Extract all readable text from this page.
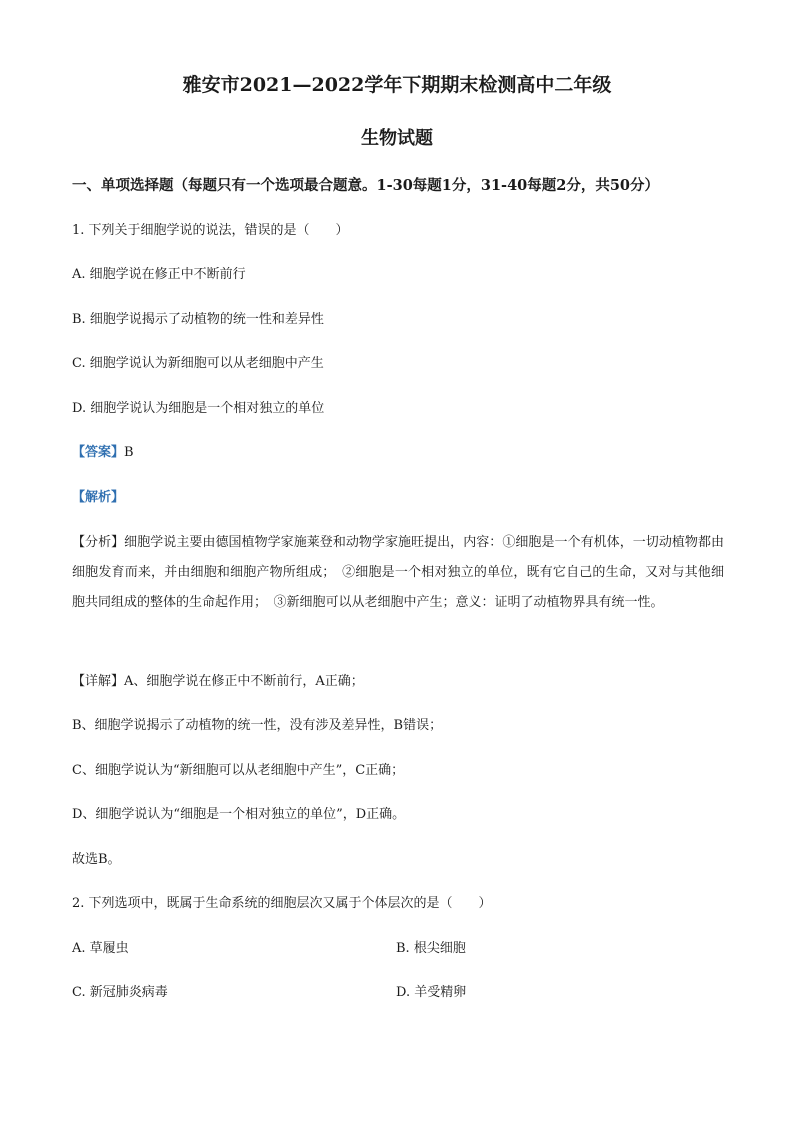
雅安市2021—2022学年下期期末检测高中二年级
生物试题
一、单项选择题（每题只有一个选项最合题意。1-30每题1分，31-40每题2分，共50分）
1. 下列关于细胞学说的说法，错误的是（　　）
A. 细胞学说在修正中不断前行
B. 细胞学说揭示了动植物的统一性和差异性
C. 细胞学说认为新细胞可以从老细胞中产生
D. 细胞学说认为细胞是一个相对独立的单位
【答案】B
【解析】
【分析】细胞学说主要由德国植物学家施莱登和动物学家施旺提出，内容：①细胞是一个有机体，一切动植物都由细胞发育而来，并由细胞和细胞产物所组成；　②细胞是一个相对独立的单位，既有它自己的生命，又对与其他细胞共同组成的整体的生命起作用；　③新细胞可以从老细胞中产生；意义：证明了动植物界具有统一性。
【详解】A、细胞学说在修正中不断前行，A正确；
B、细胞学说揭示了动植物的统一性，没有涉及差异性，B错误；
C、细胞学说认为“新细胞可以从老细胞中产生”，C正确；
D、细胞学说认为“细胞是一个相对独立的单位”，D正确。
故选B。
2. 下列选项中，既属于生命系统的细胞层次又属于个体层次的是（　　）
A. 草履虫	B. 根尖细胞
C. 新冠肺炎病毒	D. 羊受精卵
